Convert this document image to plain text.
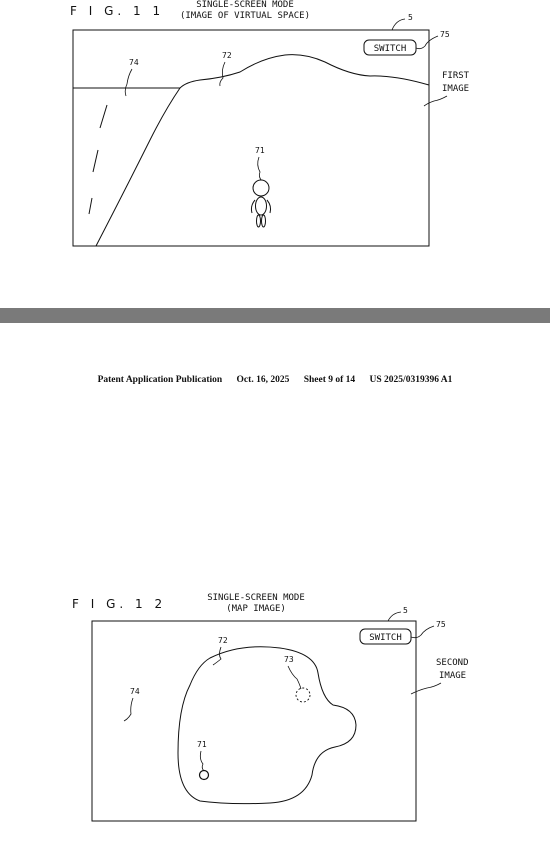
F I G. 1 1	SINGLE-SCREEN MODE
(IMAGE OF VIRTUAL SPACE)	5
SWITCH
75
FIRST
IMAGE
72
74
71
Patent Application Publication Oct. 16, 2025 Sheet 9 of 14 US 2025/0319396 A1
F I G. 1 2	SINGLE-SCREEN MODE
(MAP IMAGE)	5
SWITCH
75
SECOND
IMAGE
72
73
74
71
